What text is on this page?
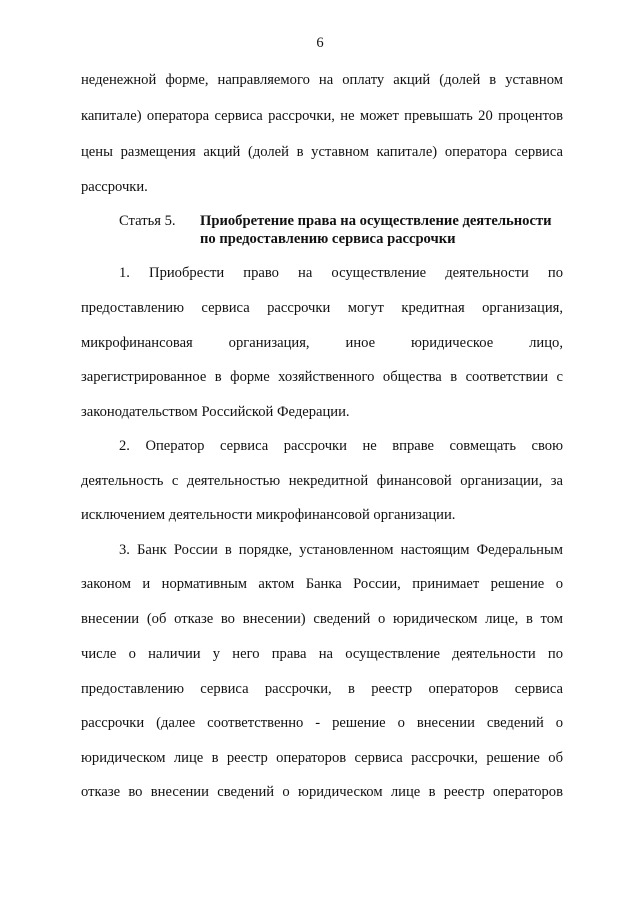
6
неденежной форме, направляемого на оплату акций (долей в уставном
капитале) оператора сервиса рассрочки, не может превышать 20 процентов
цены размещения акций (долей в уставном капитале) оператора сервиса
рассрочки.
Статья 5. Приобретение права на осуществление деятельности
по предоставлению сервиса рассрочки
1. Приобрести право на осуществление деятельности по
предоставлению сервиса рассрочки могут кредитная организация,
микрофинансовая организация, иное юридическое лицо,
зарегистрированное в форме хозяйственного общества в соответствии с
законодательством Российской Федерации.
2. Оператор сервиса рассрочки не вправе совмещать свою
деятельность с деятельностью некредитной финансовой организации, за
исключением деятельности микрофинансовой организации.
3. Банк России в порядке, установленном настоящим Федеральным
законом и нормативным актом Банка России, принимает решение о
внесении (об отказе во внесении) сведений о юридическом лице, в том
числе о наличии у него права на осуществление деятельности по
предоставлению сервиса рассрочки, в реестр операторов сервиса
рассрочки (далее соответственно - решение о внесении сведений о
юридическом лице в реестр операторов сервиса рассрочки, решение об
отказе во внесении сведений о юридическом лице в реестр операторов
